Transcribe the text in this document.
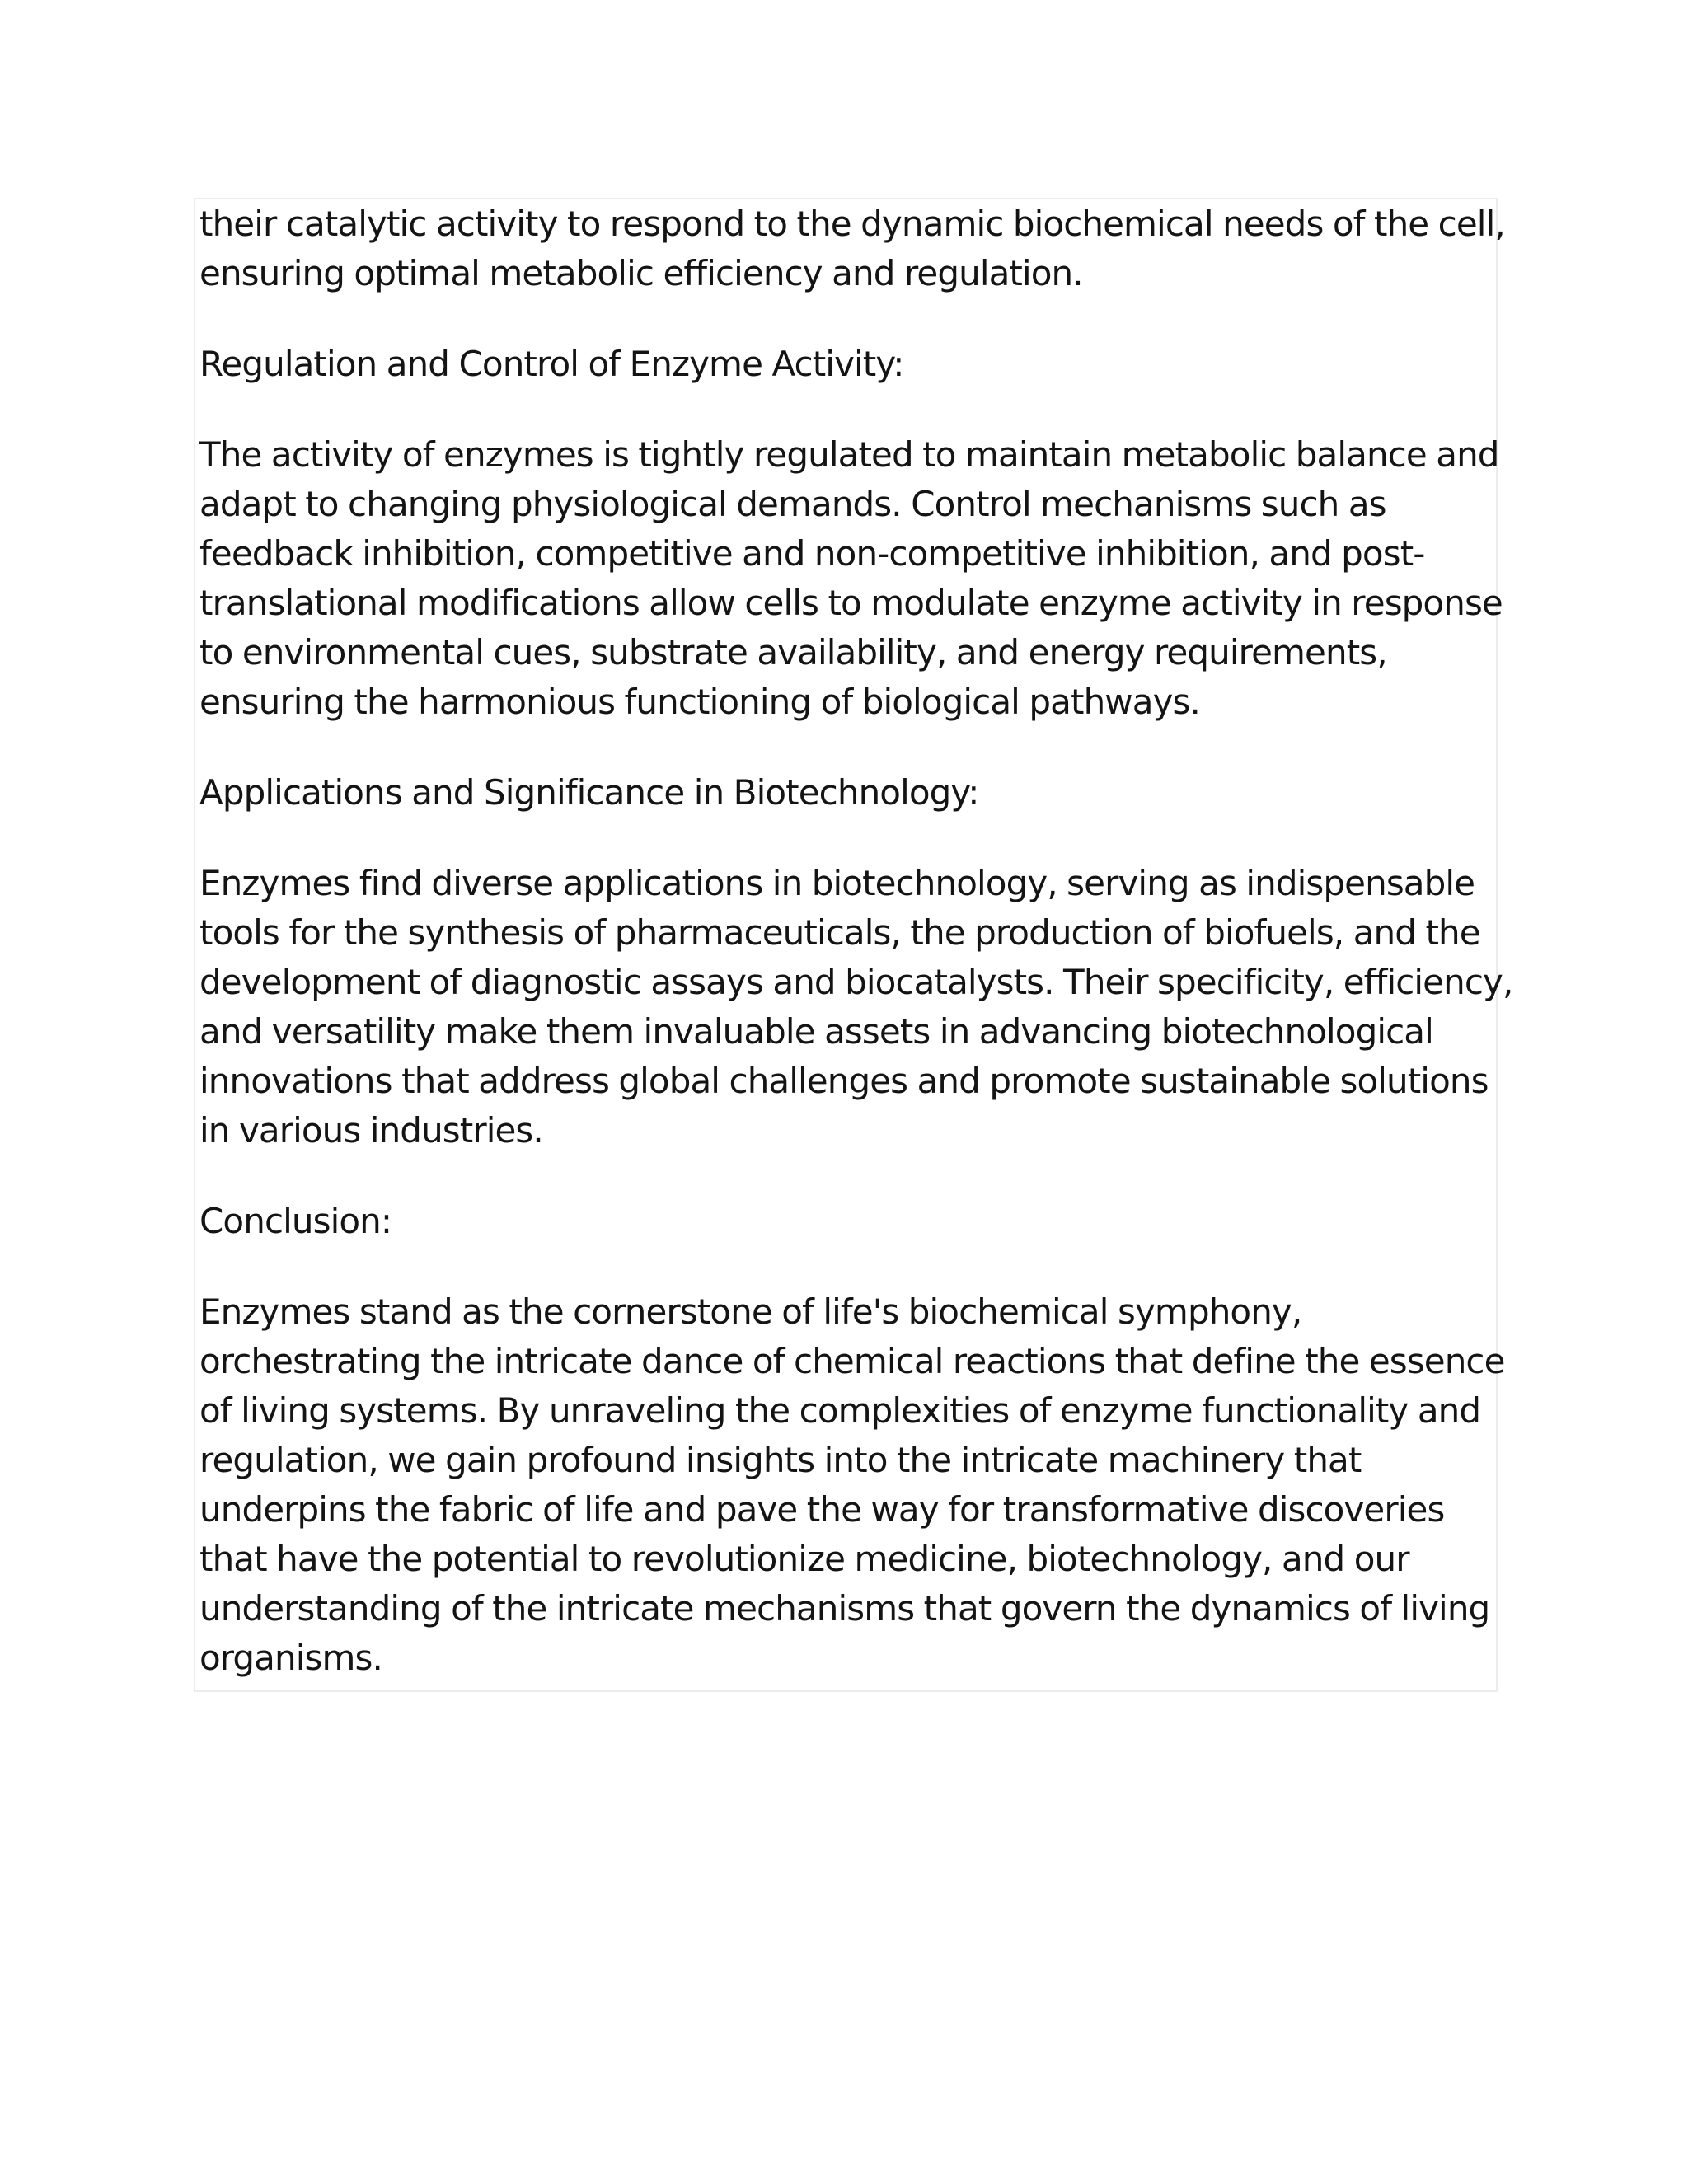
their catalytic activity to respond to the dynamic biochemical needs of the cell,
ensuring optimal metabolic efficiency and regulation.

Regulation and Control of Enzyme Activity:

The activity of enzymes is tightly regulated to maintain metabolic balance and
adapt to changing physiological demands. Control mechanisms such as
feedback inhibition, competitive and non-competitive inhibition, and post-
translational modifications allow cells to modulate enzyme activity in response
to environmental cues, substrate availability, and energy requirements,
ensuring the harmonious functioning of biological pathways.

Applications and Significance in Biotechnology:

Enzymes find diverse applications in biotechnology, serving as indispensable
tools for the synthesis of pharmaceuticals, the production of biofuels, and the
development of diagnostic assays and biocatalysts. Their specificity, efficiency,
and versatility make them invaluable assets in advancing biotechnological
innovations that address global challenges and promote sustainable solutions
in various industries.

Conclusion:

Enzymes stand as the cornerstone of life's biochemical symphony,
orchestrating the intricate dance of chemical reactions that define the essence
of living systems. By unraveling the complexities of enzyme functionality and
regulation, we gain profound insights into the intricate machinery that
underpins the fabric of life and pave the way for transformative discoveries
that have the potential to revolutionize medicine, biotechnology, and our
understanding of the intricate mechanisms that govern the dynamics of living
organisms.
